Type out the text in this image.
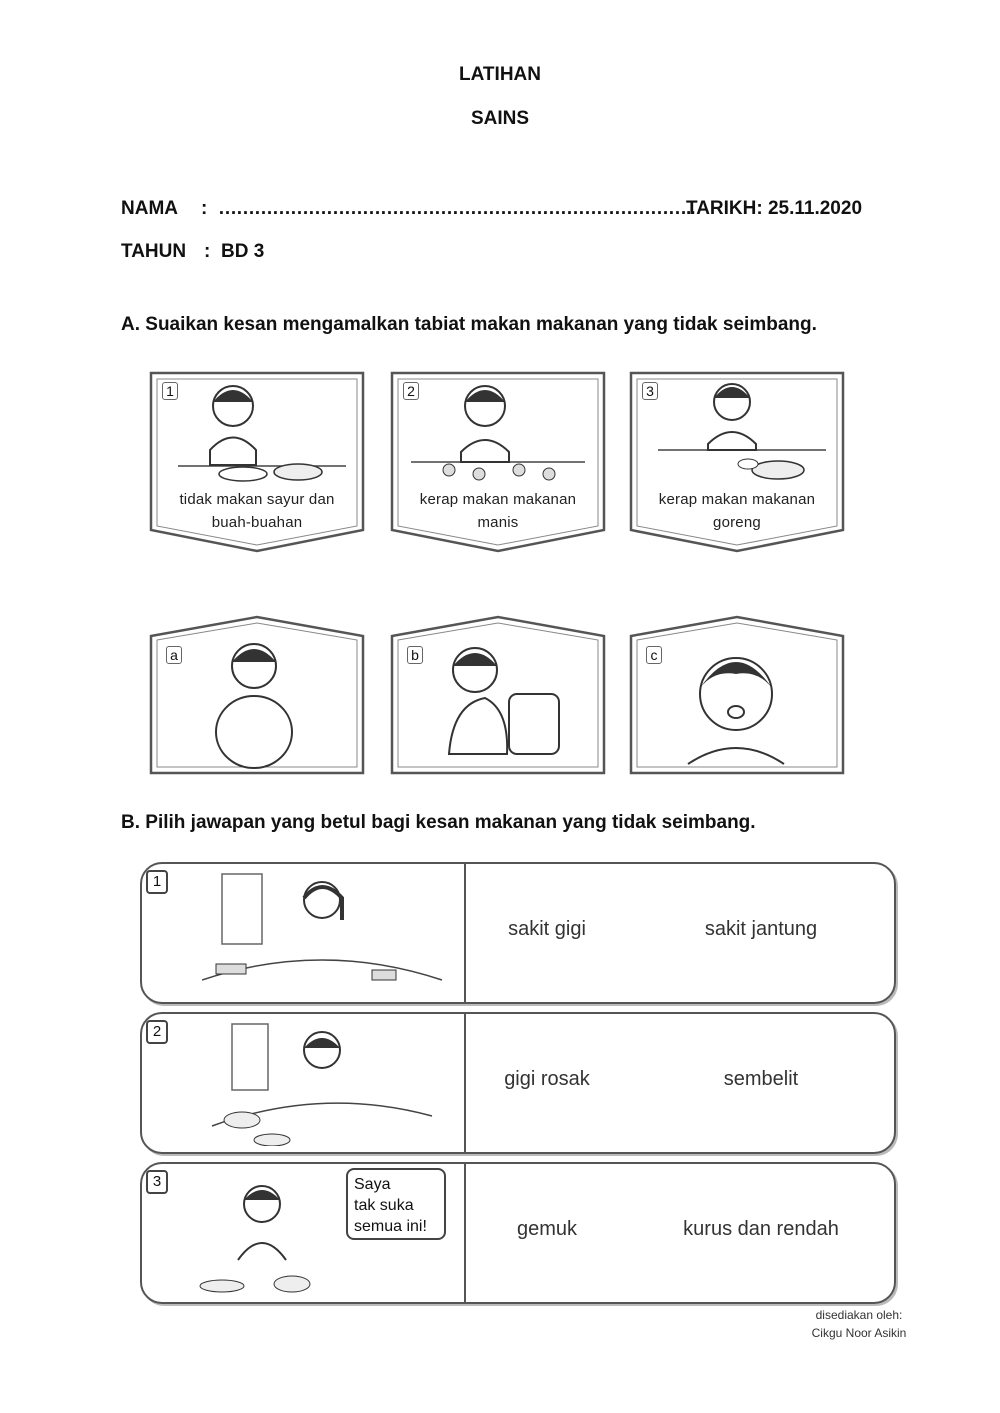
LATIHAN
SAINS
NAMA : ……………………………………………………………………..
TARIKH: 25.11.2020
TAHUN : BD 3
A. Suaikan kesan mengamalkan tabiat makan makanan yang tidak seimbang.
1
tidak makan sayur dan
buah-buahan
2
kerap makan makanan
manis
3
kerap makan makanan
goreng
a	b	c
B. Pilih jawapan yang betul bagi kesan makanan yang tidak seimbang.
1
sakit gigi	sakit jantung
2
gigi rosak	sembelit
3	Saya
tak suka
semua ini!	gemuk	kurus dan rendah
disediakan oleh:
Cikgu Noor Asikin
